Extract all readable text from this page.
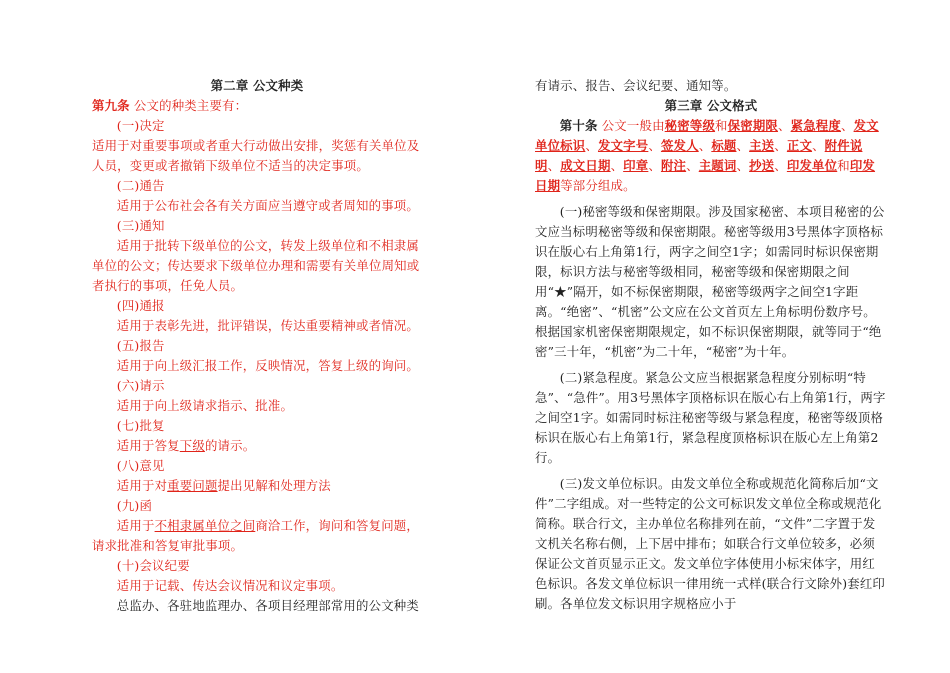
第二章 公文种类

第九条 公文的种类主要有：

(一)决定

适用于对重要事项或者重大行动做出安排，奖惩有关单位及人员，变更或者撤销下级单位不适当的决定事项。

(二)通告

适用于公布社会各有关方面应当遵守或者周知的事项。

(三)通知

适用于批转下级单位的公文，转发上级单位和不相隶属单位的公文；传达要求下级单位办理和需要有关单位周知或者执行的事项，任免人员。

(四)通报

适用于表彰先进，批评错误，传达重要精神或者情况。

(五)报告

适用于向上级汇报工作，反映情况，答复上级的询问。

(六)请示

适用于向上级请求指示、批准。

(七)批复

适用于答复下级的请示。

(八)意见

适用于对重要问题提出见解和处理方法

(九)函

适用于不相隶属单位之间商洽工作，询问和答复问题，请求批准和答复审批事项。

(十)会议纪要

适用于记载、传达会议情况和议定事项。

总监办、各驻地监理办、各项目经理部常用的公文种类

有请示、报告、会议纪要、通知等。

第三章 公文格式

第十条 公文一般由秘密等级和保密期限、紧急程度、发文单位标识、发文字号、签发人、标题、主送、正文、附件说明、成文日期、印章、附注、主题词、抄送、印发单位和印发日期等部分组成。

(一)秘密等级和保密期限。涉及国家秘密、本项目秘密的公文应当标明秘密等级和保密期限。秘密等级用3号黑体字顶格标识在版心右上角第1行，两字之间空1字；如需同时标识保密期限，标识方法与秘密等级相同，秘密等级和保密期限之间用“★”隔开，如不标保密期限，秘密等级两字之间空1字距离。“绝密”、“机密”公文应在公文首页左上角标明份数序号。根据国家机密保密期限规定，如不标识保密期限，就等同于“绝密”三十年，“机密”为二十年，“秘密”为十年。

(二)紧急程度。紧急公文应当根据紧急程度分别标明“特急”、“急件”。用3号黑体字顶格标识在版心右上角第1行，两字之间空1字。如需同时标注秘密等级与紧急程度，秘密等级顶格标识在版心右上角第1行，紧急程度顶格标识在版心左上角第2行。

(三)发文单位标识。由发文单位全称或规范化简称后加“文件”二字组成。对一些特定的公文可标识发文单位全称或规范化简称。联合行文，主办单位名称排列在前，“文件”二字置于发文机关名称右侧，上下居中排布；如联合行文单位较多，必须保证公文首页显示正文。发文单位字体使用小标宋体字，用红色标识。各发文单位标识一律用统一式样(联合行文除外)套红印刷。各单位发文标识用字规格应小于
